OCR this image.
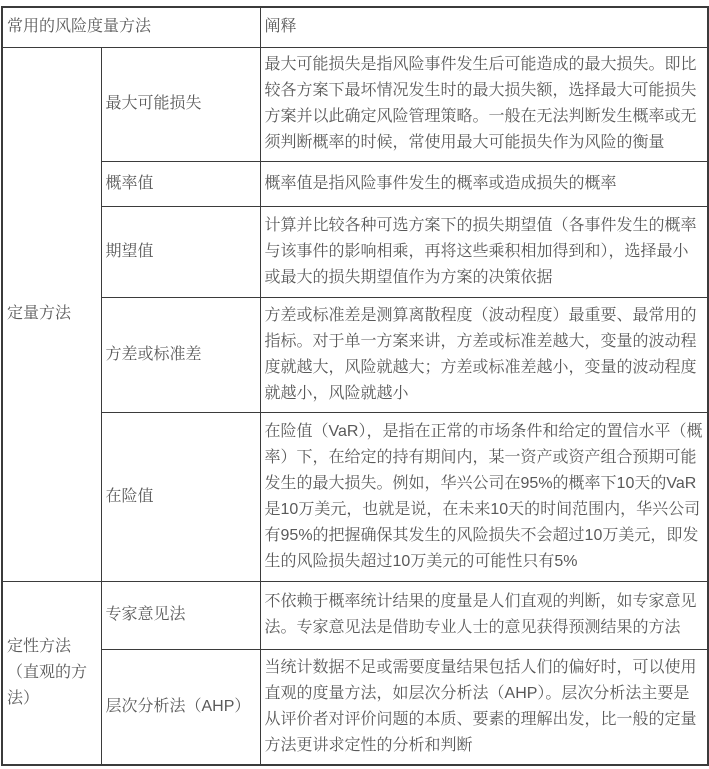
常用的风险度量方法		阐释
定量方法	最大可能损失	最大可能损失是指风险事件发生后可能造成的最大损失。即比较各方案下最坏情况发生时的最大损失额，选择最大可能损失方案并以此确定风险管理策略。一般在无法判断发生概率或无须判断概率的时候，常使用最大可能损失作为风险的衡量
	概率值	概率值是指风险事件发生的概率或造成损失的概率
	期望值	计算并比较各种可选方案下的损失期望值（各事件发生的概率与该事件的影响相乘，再将这些乘积相加得到和），选择最小或最大的损失期望值作为方案的决策依据
	方差或标准差	方差或标准差是测算离散程度（波动程度）最重要、最常用的指标。对于单一方案来讲，方差或标准差越大，变量的波动程度就越大，风险就越大；方差或标准差越小，变量的波动程度就越小，风险就越小
	在险值	在险值（VaR），是指在正常的市场条件和给定的置信水平（概率）下，在给定的持有期间内，某一资产或资产组合预期可能发生的最大损失。例如，华兴公司在95%的概率下10天的VaR是10万美元，也就是说，在未来10天的时间范围内，华兴公司有95%的把握确保其发生的风险损失不会超过10万美元，即发生的风险损失超过10万美元的可能性只有5%
定性方法（直观的方法）	专家意见法	不依赖于概率统计结果的度量是人们直观的判断，如专家意见法。专家意见法是借助专业人士的意见获得预测结果的方法
	层次分析法（AHP）	当统计数据不足或需要度量结果包括人们的偏好时，可以使用直观的度量方法，如层次分析法（AHP）。层次分析法主要是从评价者对评价问题的本质、要素的理解出发，比一般的定量方法更讲求定性的分析和判断
